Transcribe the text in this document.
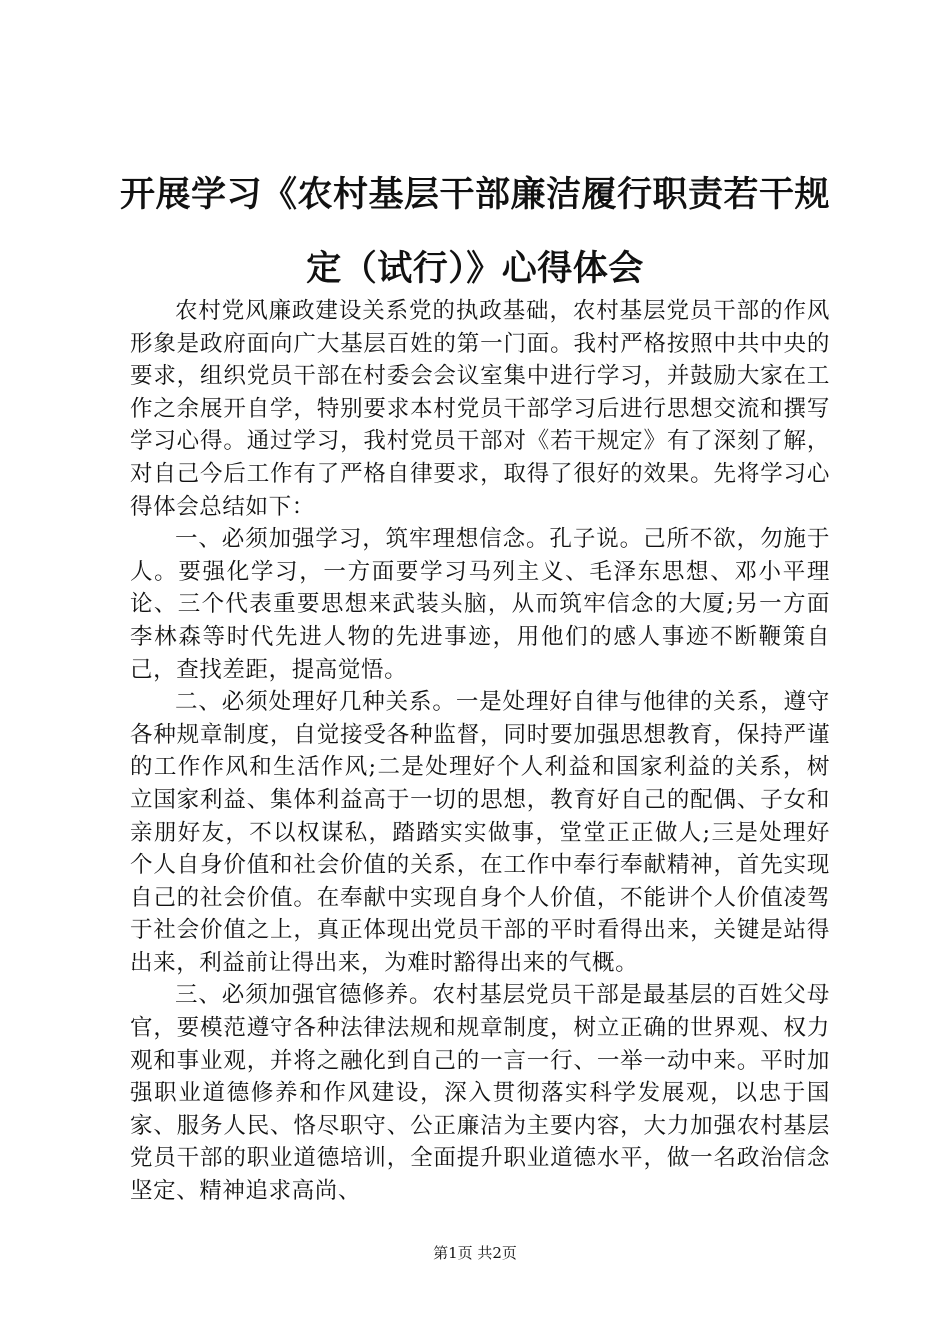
开展学习《农村基层干部廉洁履行职责若干规定（试行）》心得体会

农村党风廉政建设关系党的执政基础，农村基层党员干部的作风形象是政府面向广大基层百姓的第一门面。我村严格按照中共中央的要求，组织党员干部在村委会会议室集中进行学习，并鼓励大家在工作之余展开自学，特别要求本村党员干部学习后进行思想交流和撰写学习心得。通过学习，我村党员干部对《若干规定》有了深刻了解，对自己今后工作有了严格自律要求，取得了很好的效果。先将学习心得体会总结如下：

一、必须加强学习，筑牢理想信念。孔子说。己所不欲，勿施于人。要强化学习，一方面要学习马列主义、毛泽东思想、邓小平理论、三个代表重要思想来武装头脑，从而筑牢信念的大厦;另一方面李林森等时代先进人物的先进事迹，用他们的感人事迹不断鞭策自己，查找差距，提高觉悟。

二、必须处理好几种关系。一是处理好自律与他律的关系，遵守各种规章制度，自觉接受各种监督，同时要加强思想教育，保持严谨的工作作风和生活作风;二是处理好个人利益和国家利益的关系，树立国家利益、集体利益高于一切的思想，教育好自己的配偶、子女和亲朋好友，不以权谋私，踏踏实实做事，堂堂正正做人;三是处理好个人自身价值和社会价值的关系，在工作中奉行奉献精神，首先实现自己的社会价值。在奉献中实现自身个人价值，不能讲个人价值凌驾于社会价值之上，真正体现出党员干部的平时看得出来，关键是站得出来，利益前让得出来，为难时豁得出来的气概。

三、必须加强官德修养。农村基层党员干部是最基层的百姓父母官，要模范遵守各种法律法规和规章制度，树立正确的世界观、权力观和事业观，并将之融化到自己的一言一行、一举一动中来。平时加强职业道德修养和作风建设，深入贯彻落实科学发展观，以忠于国家、服务人民、恪尽职守、公正廉洁为主要内容，大力加强农村基层党员干部的职业道德培训，全面提升职业道德水平，做一名政治信念坚定、精神追求高尚、

第1页 共2页
